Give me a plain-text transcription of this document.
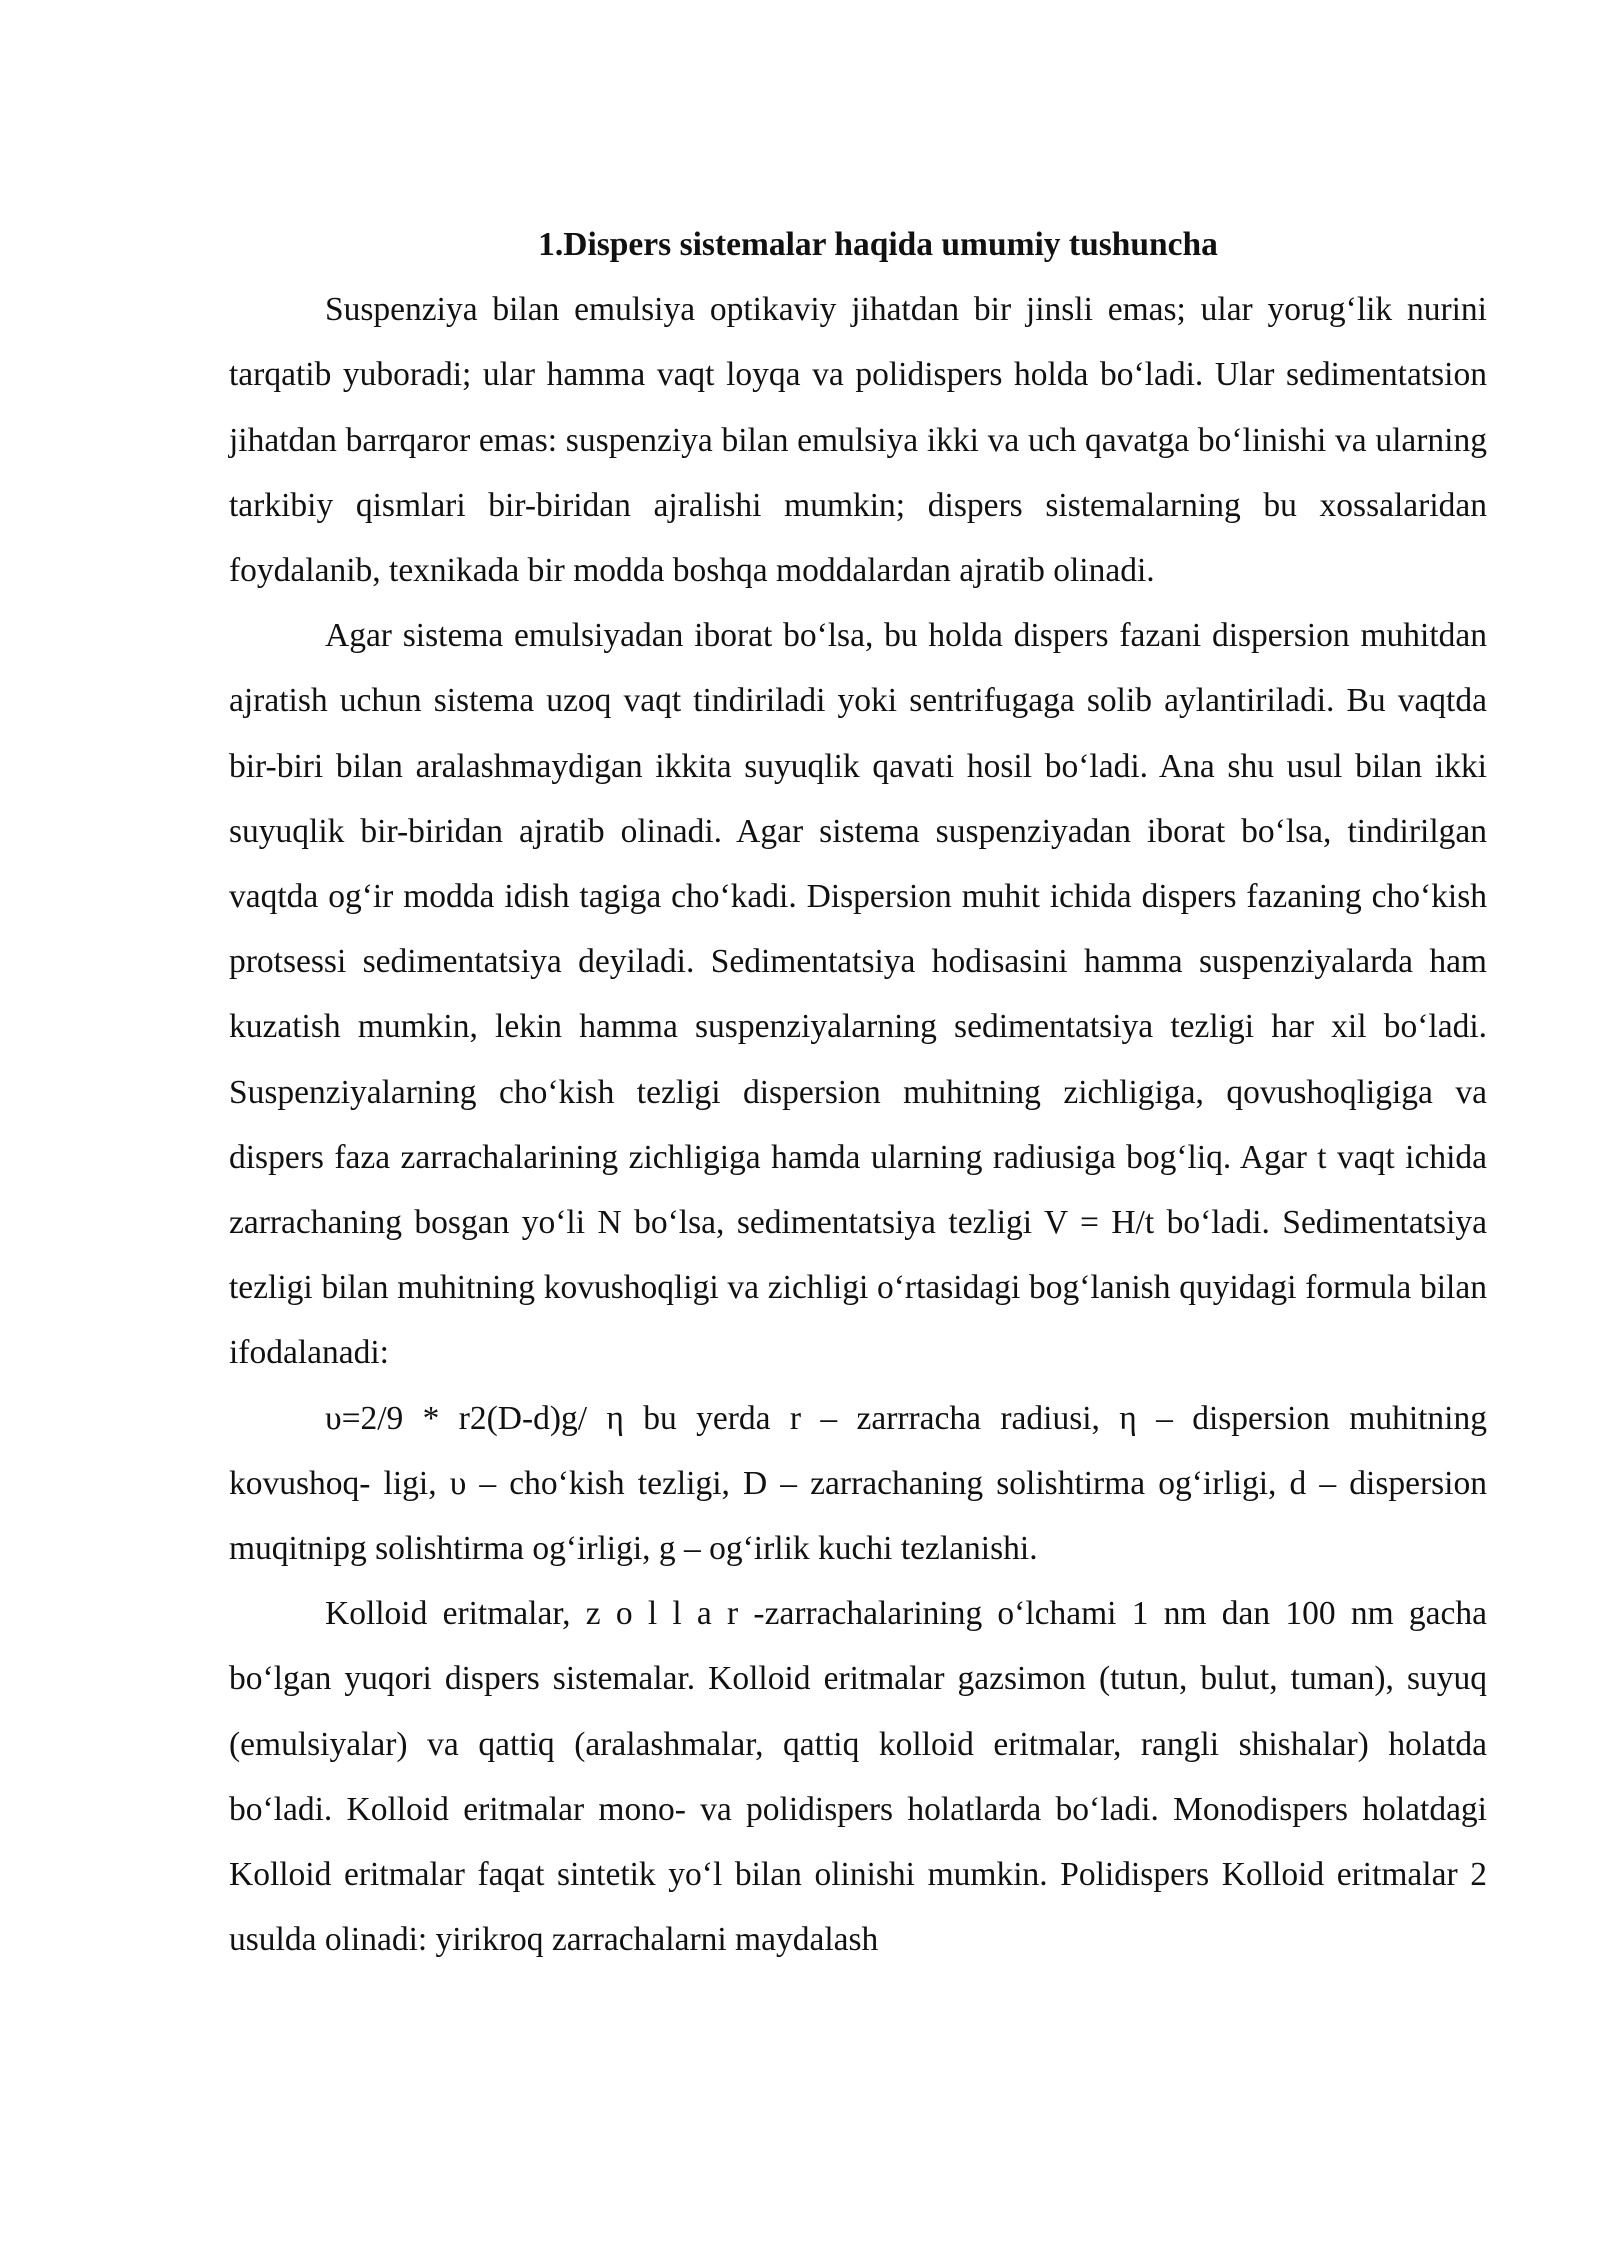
1.Dispers sistemalar haqida umumiy tushuncha

Suspenziya bilan emulsiya optikaviy jihatdan bir jinsli emas; ular yorug‘lik nurini tarqatib yuboradi; ular hamma vaqt loyqa va polidispers holda bo‘ladi. Ular sedimentatsion jihatdan barrqaror emas: suspenziya bilan emulsiya ikki va uch qavatga bo‘linishi va ularning tarkibiy qismlari bir-biridan ajralishi mumkin; dispers sistemalarning bu xossalaridan foydalanib, texnikada bir modda boshqa moddalardan ajratib olinadi.

Agar sistema emulsiyadan iborat bo‘lsa, bu holda dispers fazani dispersion muhitdan ajratish uchun sistema uzoq vaqt tindiriladi yoki sentrifugaga solib aylantiriladi. Bu vaqtda bir-biri bilan aralashmaydigan ikkita suyuqlik qavati hosil bo‘ladi. Ana shu usul bilan ikki suyuqlik bir-biridan ajratib olinadi. Agar sistema suspenziyadan iborat bo‘lsa, tindirilgan vaqtda og‘ir modda idish tagiga cho‘kadi. Dispersion muhit ichida dispers fazaning cho‘kish protsessi sedimentatsiya deyiladi. Sedimentatsiya hodisasini hamma suspenziyalarda ham kuzatish mumkin, lekin hamma suspenziyalarning sedimentatsiya tezligi har xil bo‘ladi. Suspenziyalarning cho‘kish tezligi dispersion muhitning zichligiga, qovushoqligiga va dispers faza zarrachalarining zichligiga hamda ularning radiusiga bog‘liq. Agar t vaqt ichida zarrachaning bosgan yo‘li N bo‘lsa, sedimentatsiya tezligi V = H/t bo‘ladi. Sedimentatsiya tezligi bilan muhitning kovushoqligi va zichligi o‘rtasidagi bog‘lanish quyidagi formula bilan ifodalanadi:

υ=2/9 * r2(D-d)g/ η bu yerda r – zarrracha radiusi, η – dispersion muhitning kovushoq- ligi, υ – cho‘kish tezligi, D – zarrachaning solishtirma og‘irligi, d – dispersion muqitnipg solishtirma og‘irligi, g – og‘irlik kuchi tezlanishi.

Kolloid eritmalar, z o l l a r -zarrachalarining o‘lchami 1 nm dan 100 nm gacha bo‘lgan yuqori dispers sistemalar. Kolloid eritmalar gazsimon (tutun, bulut, tuman), suyuq (emulsiyalar) va qattiq (aralashmalar, qattiq kolloid eritmalar, rangli shishalar) holatda bo‘ladi. Kolloid eritmalar mono- va polidispers holatlarda bo‘ladi. Monodispers holatdagi Kolloid eritmalar faqat sintetik yo‘l bilan olinishi mumkin. Polidispers Kolloid eritmalar 2 usulda olinadi: yirikroq zarrachalarni maydalash
